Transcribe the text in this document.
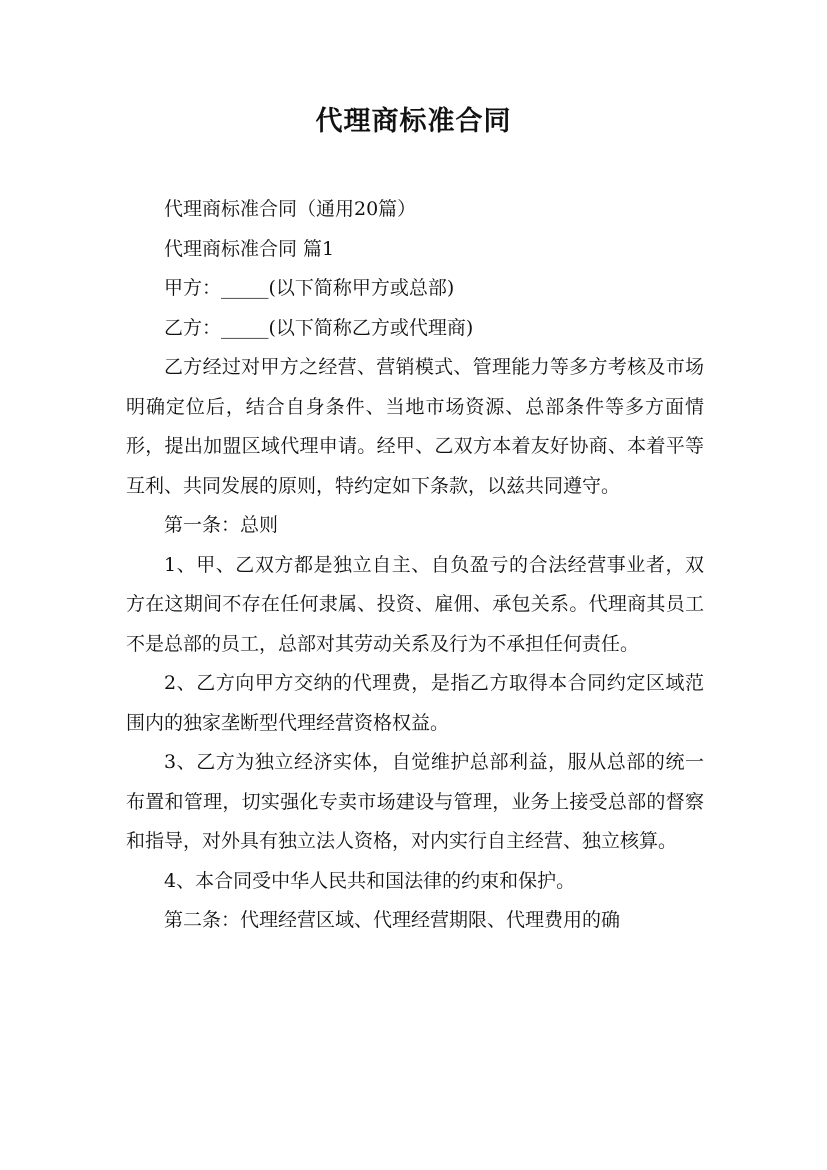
代理商标准合同

代理商标准合同（通用20篇）

代理商标准合同 篇1

甲方：_____(以下简称甲方或总部)

乙方：_____(以下简称乙方或代理商)

乙方经过对甲方之经营、营销模式、管理能力等多方考核及市场明确定位后，结合自身条件、当地市场资源、总部条件等多方面情形，提出加盟区域代理申请。经甲、乙双方本着友好协商、本着平等互利、共同发展的原则，特约定如下条款，以兹共同遵守。

第一条：总则

1、甲、乙双方都是独立自主、自负盈亏的合法经营事业者，双方在这期间不存在任何隶属、投资、雇佣、承包关系。代理商其员工不是总部的员工，总部对其劳动关系及行为不承担任何责任。

2、乙方向甲方交纳的代理费，是指乙方取得本合同约定区域范围内的独家垄断型代理经营资格权益。

3、乙方为独立经济实体，自觉维护总部利益，服从总部的统一布置和管理，切实强化专卖市场建设与管理，业务上接受总部的督察和指导，对外具有独立法人资格，对内实行自主经营、独立核算。

4、本合同受中华人民共和国法律的约束和保护。

第二条：代理经营区域、代理经营期限、代理费用的确
